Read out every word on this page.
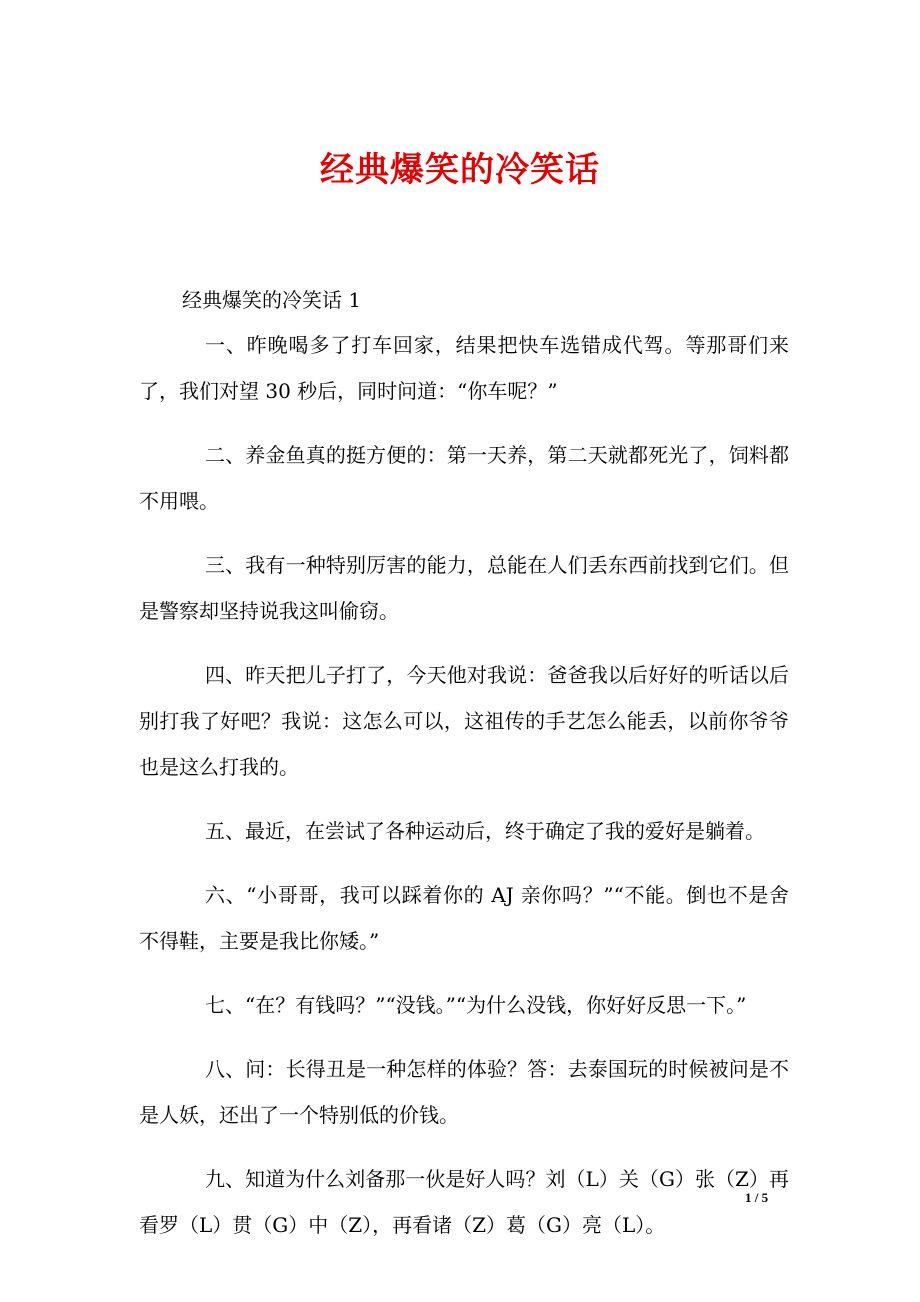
经典爆笑的冷笑话

经典爆笑的冷笑话 1

一、昨晚喝多了打车回家，结果把快车选错成代驾。等那哥们来了，我们对望 30 秒后，同时问道：“你车呢？”

二、养金鱼真的挺方便的：第一天养，第二天就都死光了，饲料都不用喂。

三、我有一种特别厉害的能力，总能在人们丢东西前找到它们。但是警察却坚持说我这叫偷窃。

四、昨天把儿子打了，今天他对我说：爸爸我以后好好的听话以后别打我了好吧？我说：这怎么可以，这祖传的手艺怎么能丢，以前你爷爷也是这么打我的。

五、最近，在尝试了各种运动后，终于确定了我的爱好是躺着。

六、“小哥哥，我可以踩着你的 AJ 亲你吗？”“不能。倒也不是舍不得鞋，主要是我比你矮。”

七、“在？有钱吗？”“没钱。”“为什么没钱，你好好反思一下。”

八、问：长得丑是一种怎样的体验？答：去泰国玩的时候被问是不是人妖，还出了一个特别低的价钱。

九、知道为什么刘备那一伙是好人吗？刘（L）关（G）张（Z）再看罗（L）贯（G）中（Z），再看诸（Z）葛（G）亮（L）。

1 / 5
